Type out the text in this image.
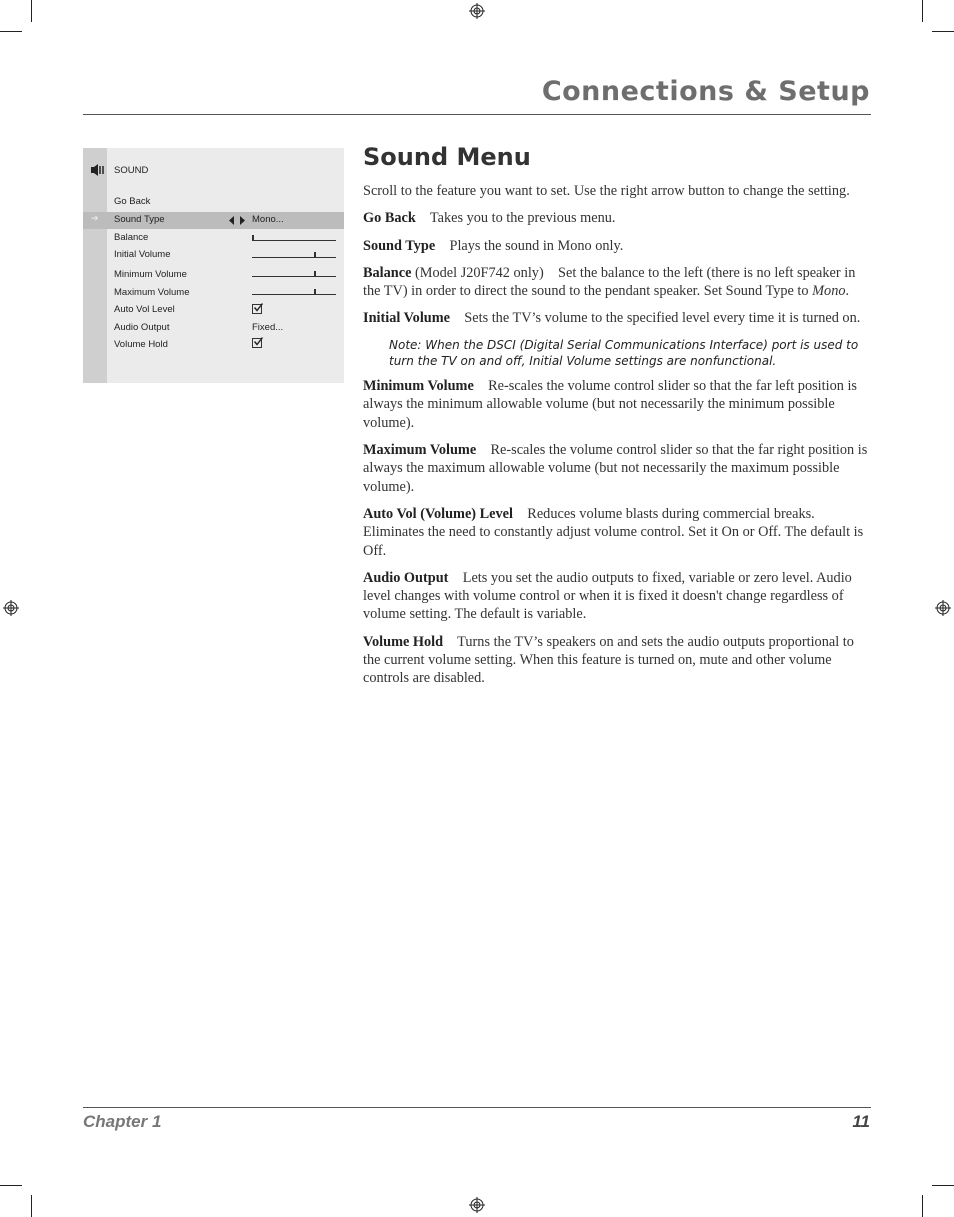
Connections & Setup
SOUND
Go Back
➔ Sound Type	Mono...
Balance
Initial Volume
Minimum Volume
Maximum Volume
Auto Vol Level
Audio Output	Fixed...
Volume Hold
Sound Menu

Scroll to the feature you want to set. Use the right arrow button to change the setting.

Go Back Takes you to the previous menu.

Sound Type Plays the sound in Mono only.

Balance (Model J20F742 only) Set the balance to the left (there is no left speaker in the TV) in order to direct the sound to the pendant speaker. Set Sound Type to Mono.

Initial Volume Sets the TV’s volume to the specified level every time it is turned on.

Note: When the DSCI (Digital Serial Communications Interface) port is used to turn the TV on and off, Initial Volume settings are nonfunctional.

Minimum Volume Re-scales the volume control slider so that the far left position is always the minimum allowable volume (but not necessarily the minimum possible volume).

Maximum Volume Re-scales the volume control slider so that the far right position is always the maximum allowable volume (but not necessarily the maximum possible volume).

Auto Vol (Volume) Level Reduces volume blasts during commercial breaks. Eliminates the need to constantly adjust volume control. Set it On or Off. The default is Off.

Audio Output Lets you set the audio outputs to fixed, variable or zero level. Audio level changes with volume control or when it is fixed it doesn't change regardless of volume setting. The default is variable.

Volume Hold Turns the TV’s speakers on and sets the audio outputs proportional to the current volume setting. When this feature is turned on, mute and other volume controls are disabled.

Chapter 1	11
